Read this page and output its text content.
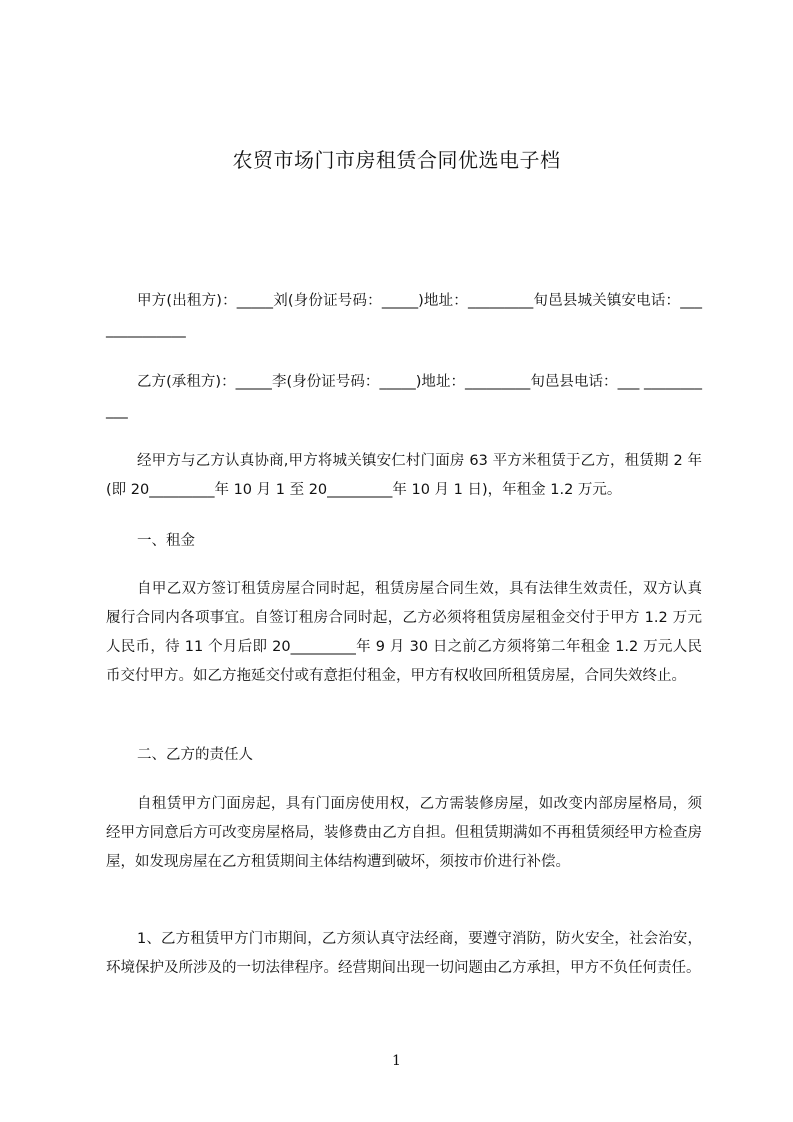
农贸市场门市房租赁合同优选电子档

甲方(出租方)：_____刘(身份证号码：_____)地址：_________旬邑县城关镇安电话：______________

乙方(承租方)：_____李(身份证号码：_____)地址：_________旬邑县电话：___ ___________

经甲方与乙方认真协商,甲方将城关镇安仁村门面房 63 平方米租赁于乙方，租赁期 2 年(即 20_________年 10 月 1 至 20_________年 10 月 1 日)，年租金 1.2 万元。

一、租金

自甲乙双方签订租赁房屋合同时起，租赁房屋合同生效，具有法律生效责任，双方认真履行合同内各项事宜。自签订租房合同时起，乙方必须将租赁房屋租金交付于甲方 1.2 万元人民币，待 11 个月后即 20_________年 9 月 30 日之前乙方须将第二年租金 1.2 万元人民币交付甲方。如乙方拖延交付或有意拒付租金，甲方有权收回所租赁房屋，合同失效终止。

二、乙方的责任人

自租赁甲方门面房起，具有门面房使用权，乙方需装修房屋，如改变内部房屋格局，须经甲方同意后方可改变房屋格局，装修费由乙方自担。但租赁期满如不再租赁须经甲方检查房屋，如发现房屋在乙方租赁期间主体结构遭到破坏，须按市价进行补偿。

1、乙方租赁甲方门市期间，乙方须认真守法经商，要遵守消防，防火安全，社会治安，环境保护及所涉及的一切法律程序。经营期间出现一切问题由乙方承担，甲方不负任何责任。

1
